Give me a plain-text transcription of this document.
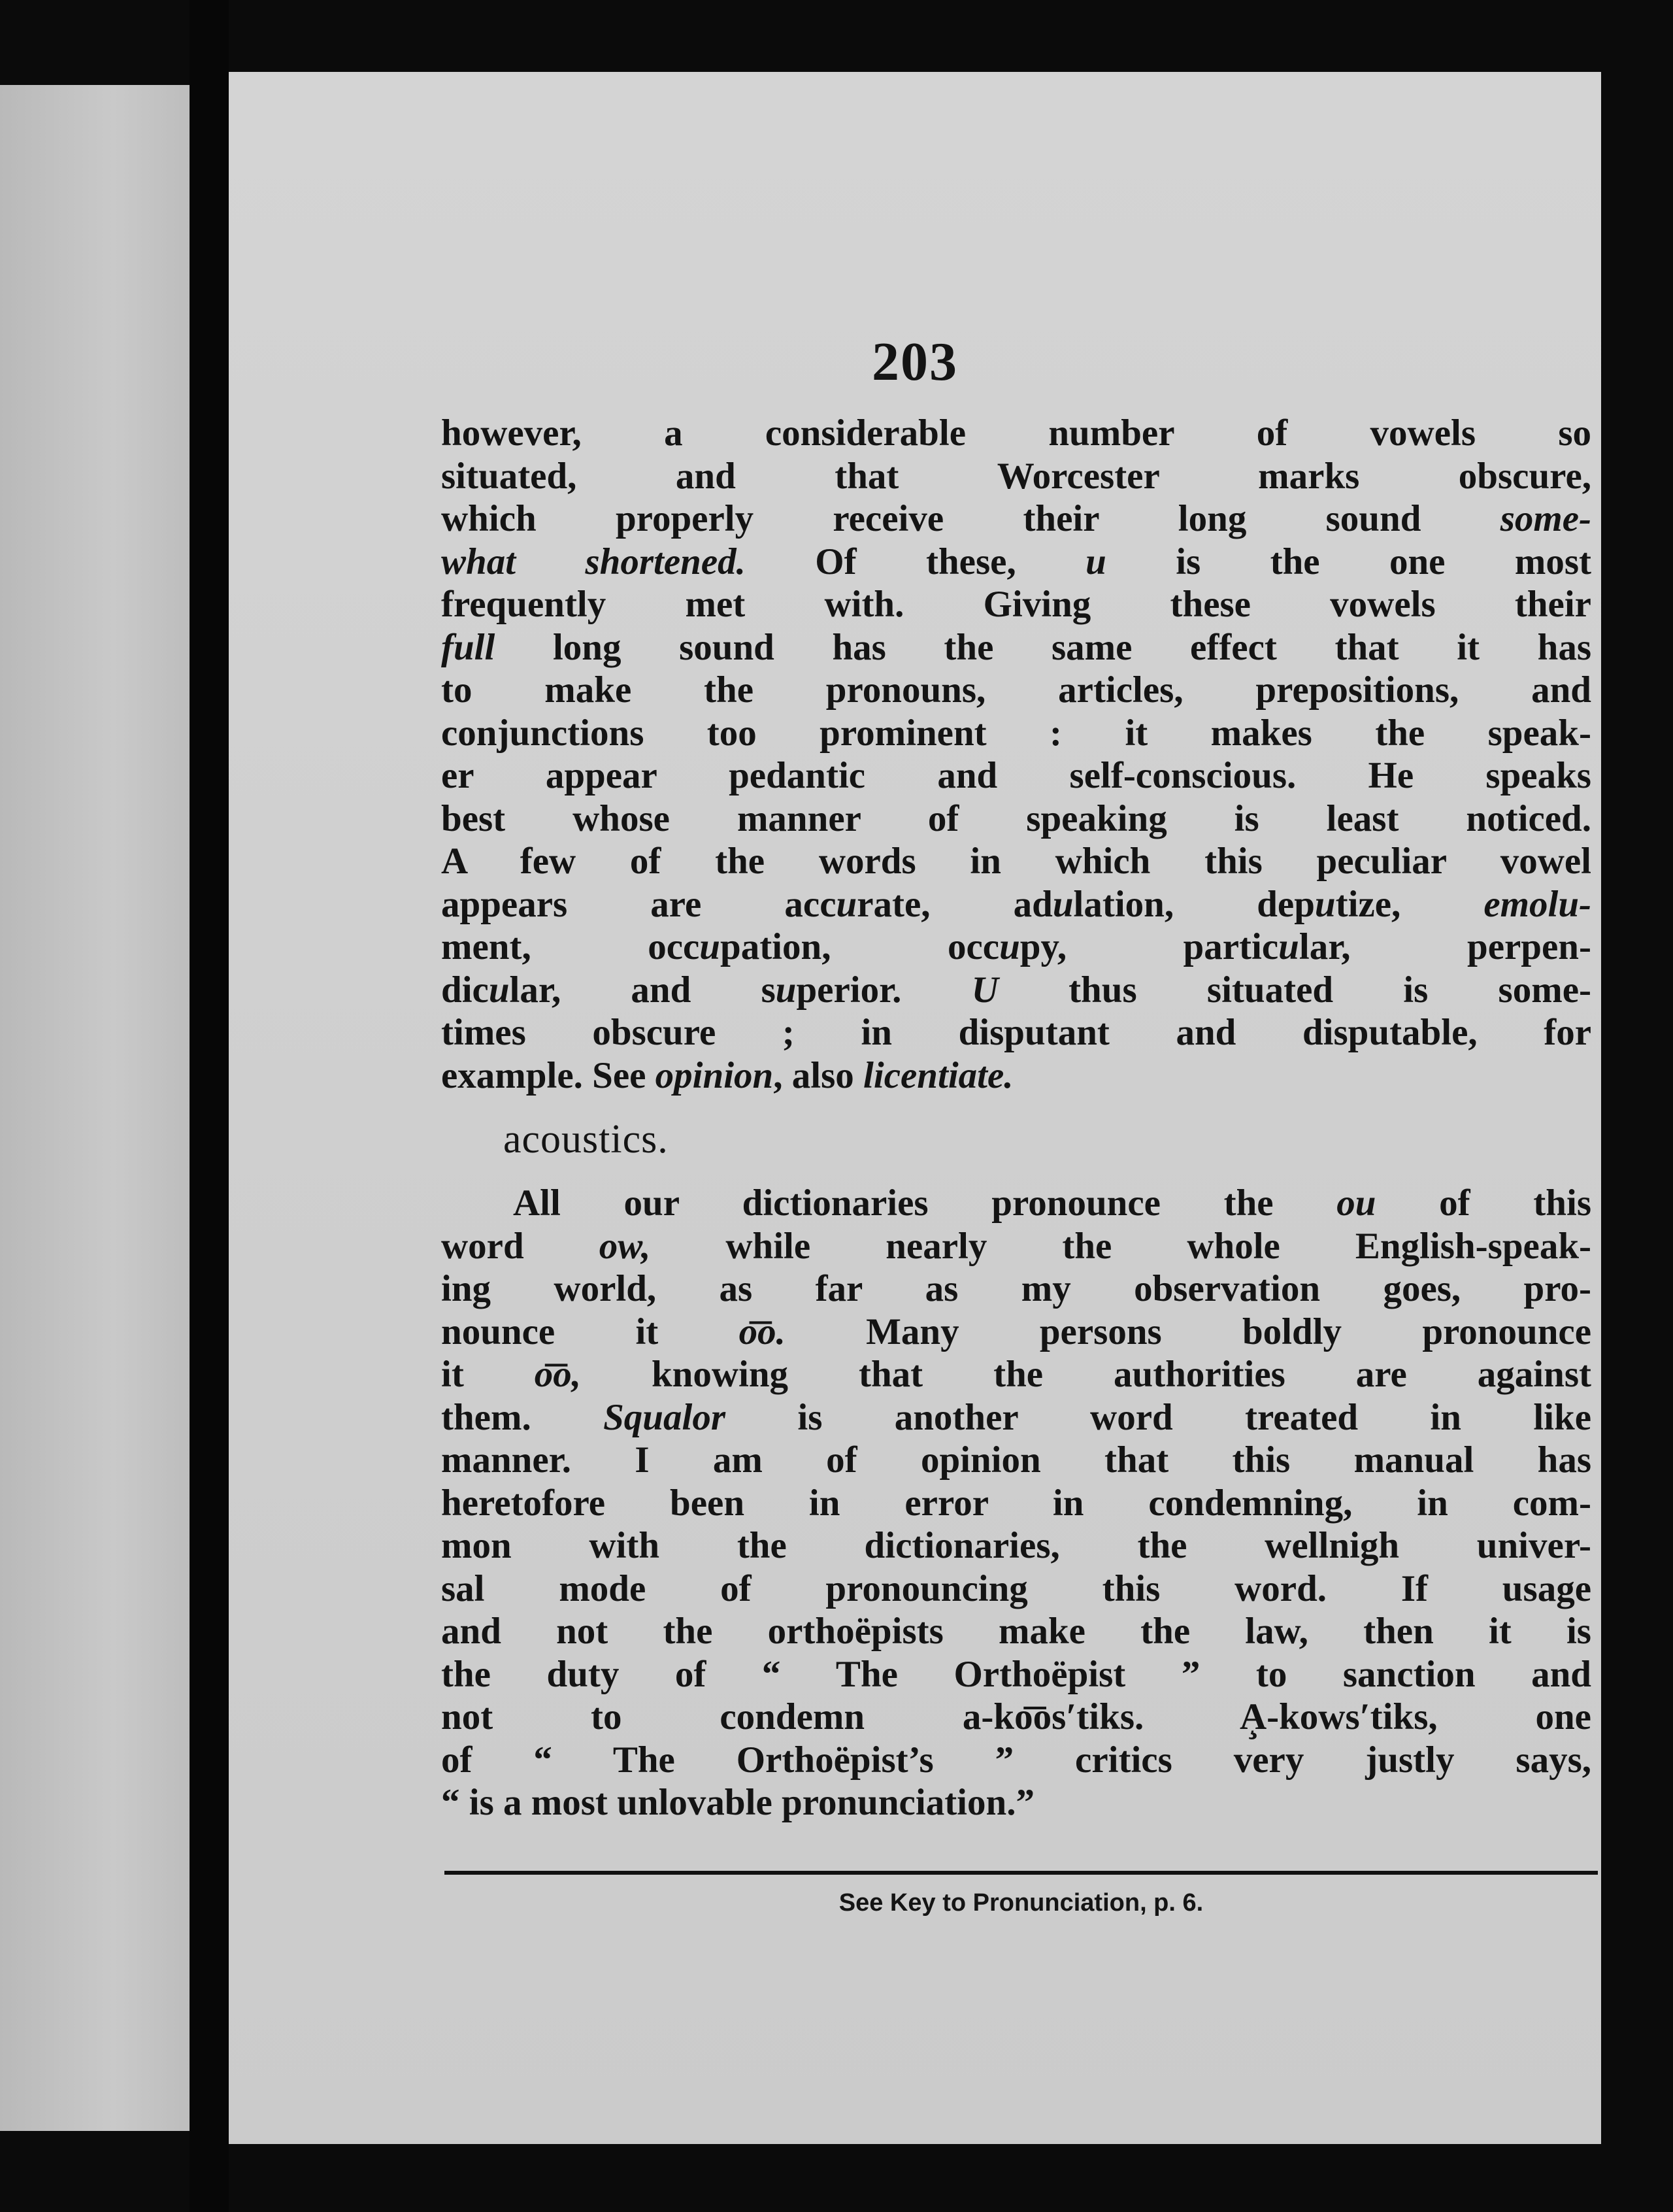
203
however, a considerable number of vowels so
situated, and that Worcester marks obscure,
which properly receive their long sound some-
what shortened. Of these, u is the one most
frequently met with. Giving these vowels their
full long sound has the same effect that it has
to make the pronouns, articles, prepositions, and
conjunctions too prominent : it makes the speak-
er appear pedantic and self-conscious. He speaks
best whose manner of speaking is least noticed.
A few of the words in which this peculiar vowel
appears are accurate, adulation, deputize, emolu-
ment, occupation, occupy, particular, perpen-
dicular, and superior. U thus situated is some-
times obscure ; in disputant and disputable, for
example. See opinion, also licentiate.
acoustics.
All our dictionaries pronounce the ou of this
word ow, while nearly the whole English-speak-
ing world, as far as my observation goes, pro-
nounce it o͞o. Many persons boldly pronounce
it o͞o, knowing that the authorities are against
them. Squalor is another word treated in like
manner. I am of opinion that this manual has
heretofore been in error in condemning, in com-
mon with the dictionaries, the wellnigh univer-
sal mode of pronouncing this word. If usage
and not the orthoëpists make the law, then it is
the duty of “ The Orthoëpist ” to sanction and
not to condemn a-ko͞os′tiks. A̧-kows′tiks, one
of “ The Orthoëpist’s ” critics very justly says,
“ is a most unlovable pronunciation.”
See Key to Pronunciation, p. 6.
